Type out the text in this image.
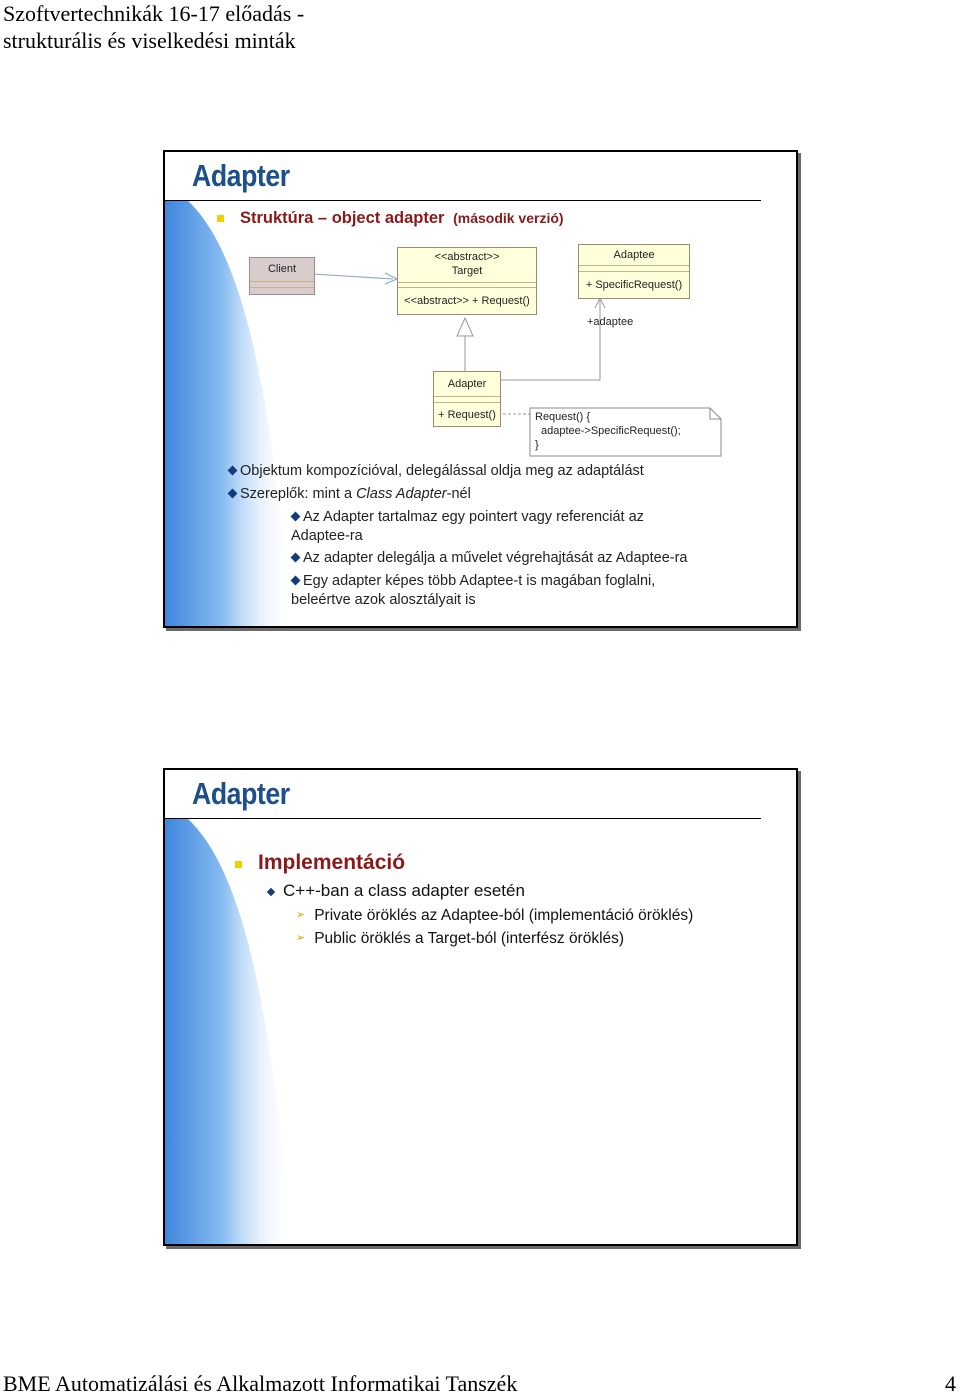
Szoftvertechnikák 16-17 előadás -
strukturális és viselkedési minták
Adapter
Struktúra – object adapter (második verzió)
Client
<<abstract>>
Target
<<abstract>> + Request()
Adaptee
+ SpecificRequest()
+adaptee
Adapter
+ Request()	Request() {
adaptee->SpecificRequest();
}
Objektum kompozícióval, delegálással oldja meg az adaptálást
Szereplők: mint a Class Adapter-nél
Az Adapter tartalmaz egy pointert vagy referenciát az
Adaptee-ra
Az adapter delegálja a művelet végrehajtását az Adaptee-ra
Egy adapter képes több Adaptee-t is magában foglalni,
beleértve azok alosztályait is
Adapter
Implementáció
C++-ban a class adapter esetén
➢ Private öröklés az Adaptee-ból (implementáció öröklés)
➢ Public öröklés a Target-ból (interfész öröklés)
BME Automatizálási és Alkalmazott Informatikai Tanszék	4
